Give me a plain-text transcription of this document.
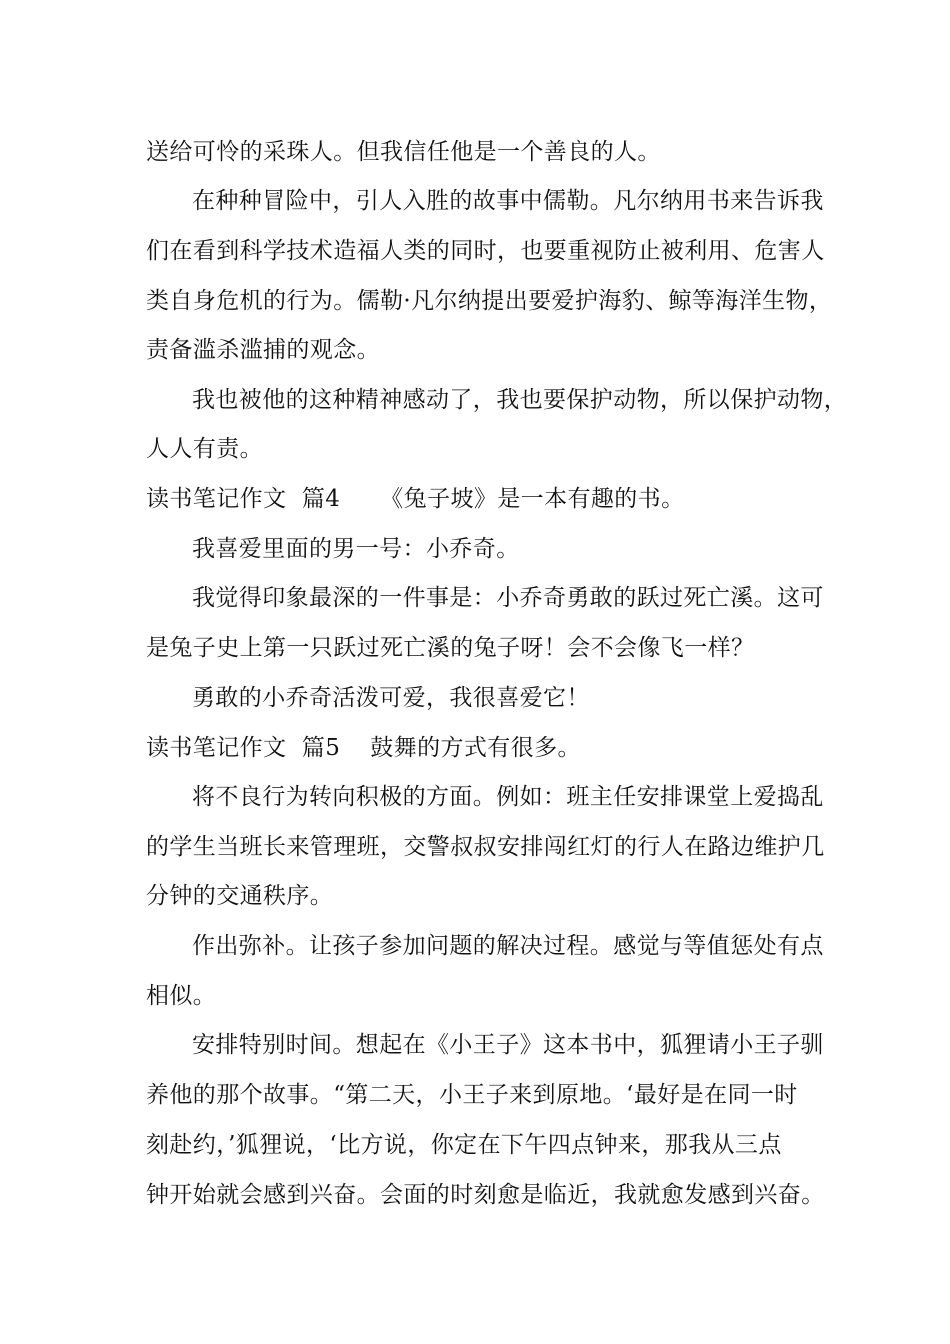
送给可怜的采珠人。但我信任他是一个善良的人。
在种种冒险中，引人入胜的故事中儒勒。凡尔纳用书来告诉我
们在看到科学技术造福人类的同时，也要重视防止被利用、危害人
类自身危机的行为。儒勒·凡尔纳提出要爱护海豹、鲸等海洋生物，
责备滥杀滥捕的观念。
我也被他的这种精神感动了，我也要保护动物，所以保护动物，
人人有责。
读书笔记作文  篇4 《兔子坡》是一本有趣的书。
我喜爱里面的男一号：小乔奇。
我觉得印象最深的一件事是：小乔奇勇敢的跃过死亡溪。这可
是兔子史上第一只跃过死亡溪的兔子呀！会不会像飞一样？
勇敢的小乔奇活泼可爱，我很喜爱它！
读书笔记作文  篇5 鼓舞的方式有很多。
将不良行为转向积极的方面。例如：班主任安排课堂上爱捣乱
的学生当班长来管理班，交警叔叔安排闯红灯的行人在路边维护几
分钟的交通秩序。
作出弥补。让孩子参加问题的解决过程。感觉与等值惩处有点
相似。
安排特别时间。想起在《小王子》这本书中，狐狸请小王子驯
养他的那个故事。“第二天，小王子来到原地。‘最好是在同一时
刻赴约，’狐狸说，‘比方说，你定在下午四点钟来，那我从三点
钟开始就会感到兴奋。会面的时刻愈是临近，我就愈发感到兴奋。
